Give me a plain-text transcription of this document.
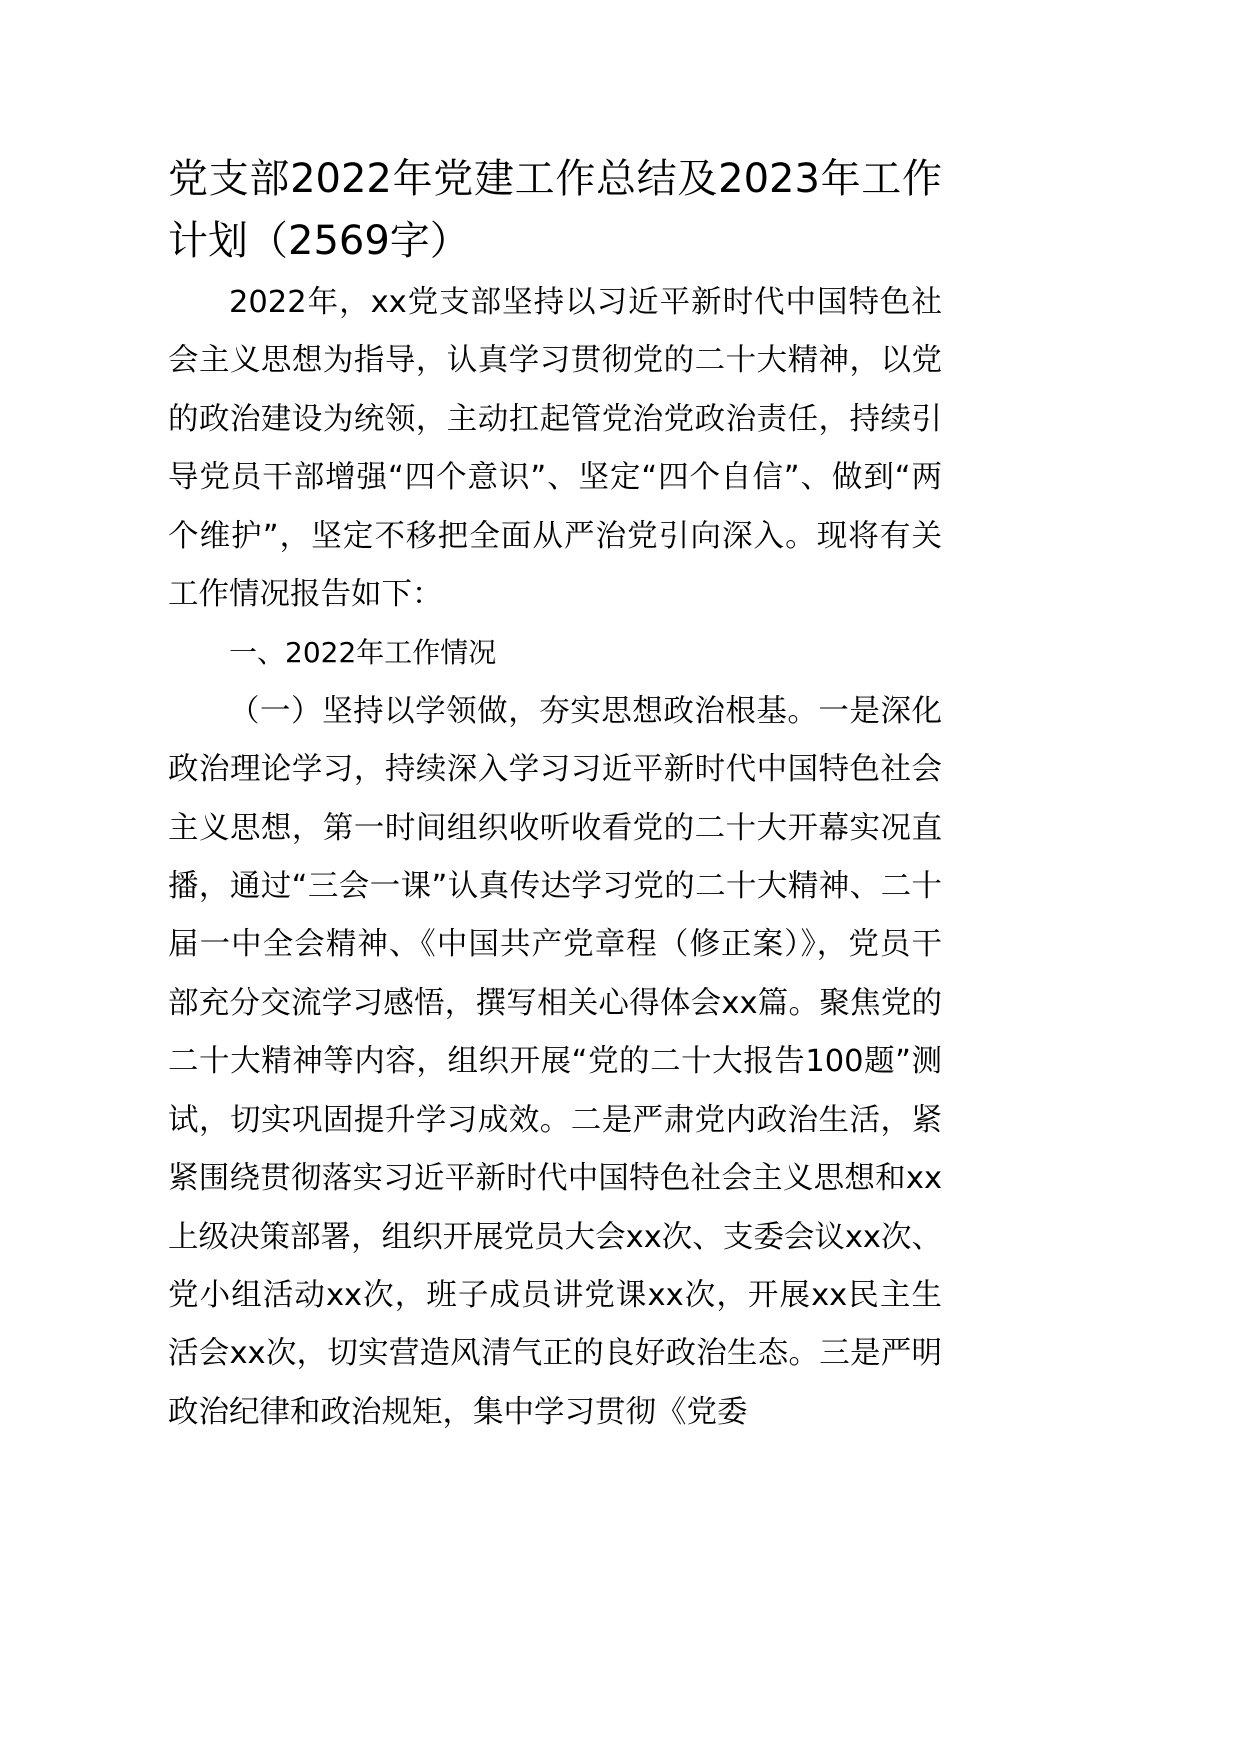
党支部2022年党建工作总结及2023年工作计划（2569字）

2022年，xx党支部坚持以习近平新时代中国特色社会主义思想为指导，认真学习贯彻党的二十大精神，以党的政治建设为统领，主动扛起管党治党政治责任，持续引导党员干部增强“四个意识”、坚定“四个自信”、做到“两个维护”，坚定不移把全面从严治党引向深入。现将有关工作情况报告如下：

一、2022年工作情况

（一）坚持以学领做，夯实思想政治根基。一是深化政治理论学习，持续深入学习习近平新时代中国特色社会主义思想，第一时间组织收听收看党的二十大开幕实况直播，通过“三会一课”认真传达学习党的二十大精神、二十届一中全会精神、《中国共产党章程（修正案）》，党员干部充分交流学习感悟，撰写相关心得体会xx篇。聚焦党的二十大精神等内容，组织开展“党的二十大报告100题”测试，切实巩固提升学习成效。二是严肃党内政治生活，紧紧围绕贯彻落实习近平新时代中国特色社会主义思想和xx上级决策部署，组织开展党员大会xx次、支委会议xx次、党小组活动xx次，班子成员讲党课xx次，开展xx民主生活会xx次，切实营造风清气正的良好政治生态。三是严明政治纪律和政治规矩，集中学习贯彻《党委
